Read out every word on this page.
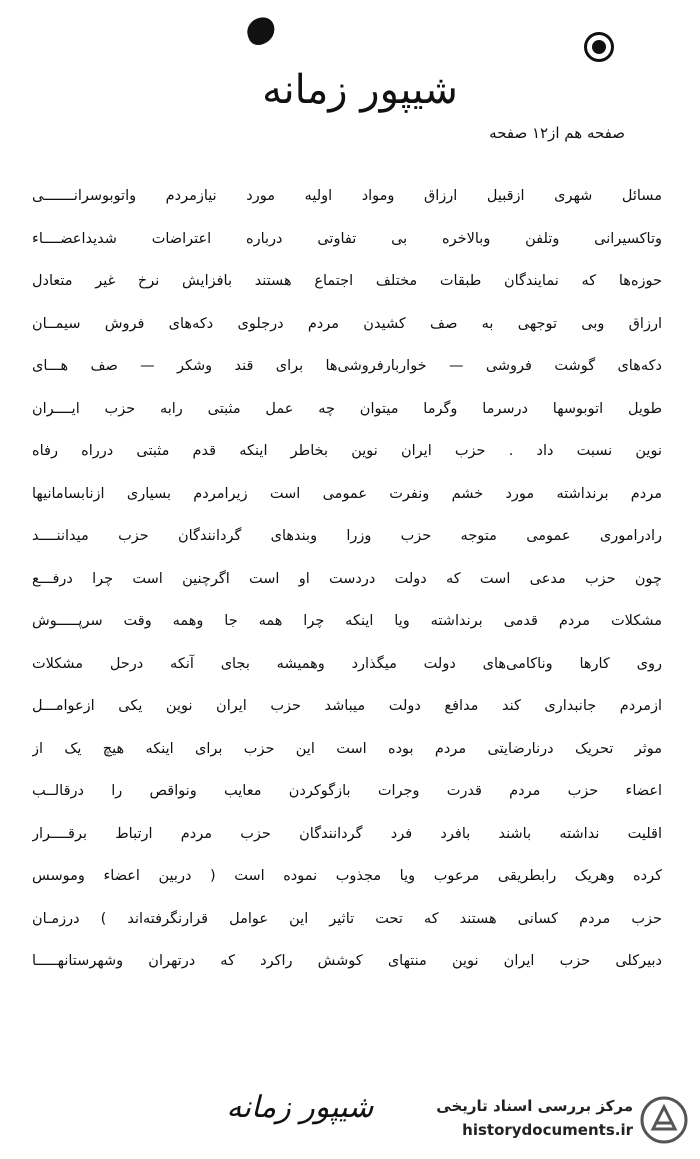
شیپور زمانه
صفحه هم از۱۲ صفحه
مسائل شهری ازقبیل ارزاق ومواد اولیه مورد نیازمردم واتوبوسرانـــــــی
وتاکسیرانی وتلفن وبالاخره بی تفاوتی درباره اعتراضات شدیداعضــــاء
حوزه‌ها که نمایندگان طبقات مختلف اجتماع هستند بافزایش نرخ غیر متعادل
ارزاق وبی توجهی به صف کشیدن مردم درجلوی دکه‌های فروش سیمــان
دکه‌های گوشت فروشی — خواربارفروشی‌ها برای قند وشکر — صف هـــای
طویل اتوبوسها درسرما وگرما میتوان چه عمل مثبتی رابه حزب ایــــران
نوین نسبت داد . حزب ایران نوین بخاطر اینکه قدم مثبتی درراه رفاه
مردم برنداشته مورد خشم ونفرت عمومی است زیرامردم بسیاری ازنابسامانیها
رادراموری عمومی متوجه حزب وزرا وبندهای گردانندگان حزب میداننــــد
چون حزب مدعی است که دولت دردست او است اگرچنین است چرا درفـــع
مشکلات مردم قدمی برنداشته ویا اینکه چرا همه جا وهمه وقت سرپـــــوش
روی کارها وناکامی‌های دولت میگذارد وهمیشه بجای آنکه درحل مشکلات
ازمردم جانبداری کند مدافع دولت میباشد حزب ایران نوین یکی ازعوامـــل
موثر تحریک درنارضایتی مردم بوده است این حزب برای اینکه هیچ یک از
اعضاء حزب مردم قدرت وجرات بازگوکردن معایب ونواقص را درقالــب
اقلیت نداشته باشند بافرد فرد گردانندگان حزب مردم ارتباط برقــــرار
کرده وهریک رابطریقی مرعوب ویا مجذوب نموده است ( دربین اعضاء وموسس
حزب مردم کسانی هستند که تحت تاثیر این عوامل قرارنگرفته‌اند ) درزمـان
دبیرکلی حزب ایران نوین منتهای کوشش راکرد که درتهران وشهرستانهـــــا
شیپور زمانه	مرکز بررسی اسناد تاریخی
historydocuments.ir
